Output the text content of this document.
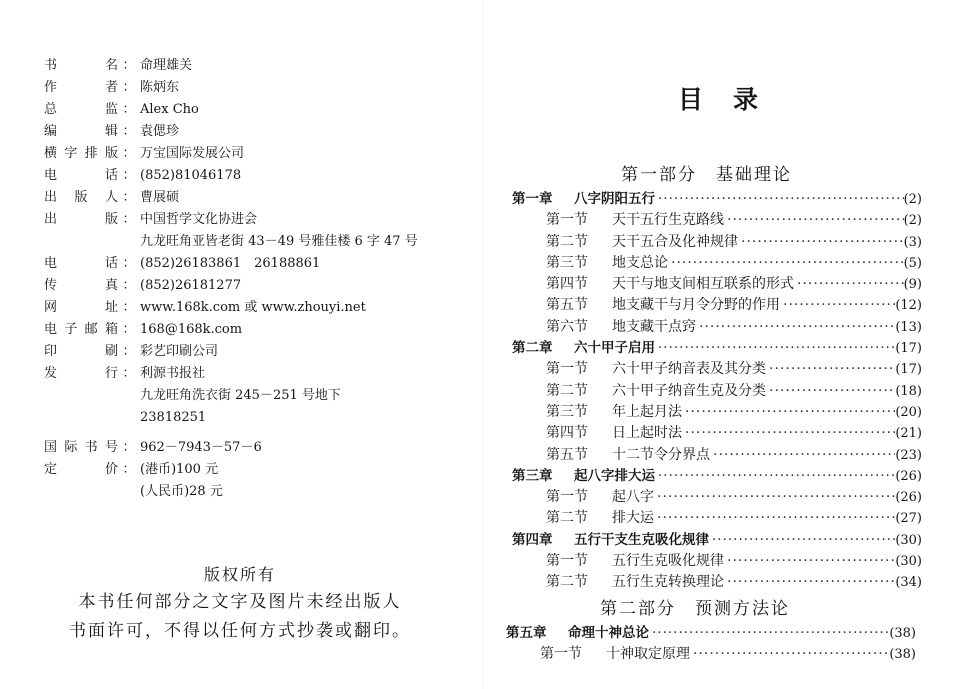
书名 ： 命理雄关
作者 ： 陈炳东
总监 ： Alex Cho
编辑 ： 袁偲珍
横字排版 ： 万宝国际发展公司
电话 ： (852)81046178
出版人 ： 曹展硕
出版 ： 中国哲学文化协进会
九龙旺角亚皆老街 43－49 号雅佳楼 6 字 47 号
电话 ： (852)26183861　26188861
传真 ： (852)26181277
网址 ： www.168k.com 或 www.zhouyi.net
电子邮箱 ： 168@168k.com
印刷 ： 彩艺印刷公司
发行 ： 利源书报社
九龙旺角洗衣街 245－251 号地下
23818251
国际书号 ： 962－7943－57－6
定价 ： (港币)100 元
(人民币)28 元
版权所有
本书任何部分之文字及图片未经出版人
书面许可，不得以任何方式抄袭或翻印。
目录
第一部分　基础理论
第一章	八字阴阳五行 ·····	(2)
第一节	天干五行生克路线 ·····	(2)
第二节	天干五合及化神规律 ·····	(3)
第三节	地支总论 ·····	(5)
第四节	天干与地支间相互联系的形式 ·····	(9)
第五节	地支藏干与月令分野的作用 ·····	(12)
第六节	地支藏干点窍 ·····	(13)
第二章	六十甲子启用 ·····	(17)
第一节	六十甲子纳音表及其分类 ·····	(17)
第二节	六十甲子纳音生克及分类 ·····	(18)
第三节	年上起月法 ·····	(20)
第四节	日上起时法 ·····	(21)
第五节	十二节令分界点 ·····	(23)
第三章	起八字排大运 ·····	(26)
第一节	起八字 ·····	(26)
第二节	排大运 ·····	(27)
第四章	五行干支生克吸化规律 ·····	(30)
第一节	五行生克吸化规律 ·····	(30)
第二节	五行生克转换理论 ·····	(34)
第二部分　预测方法论
第五章	命理十神总论 ·····	(38)
第一节	十神取定原理 ·····	(38)
